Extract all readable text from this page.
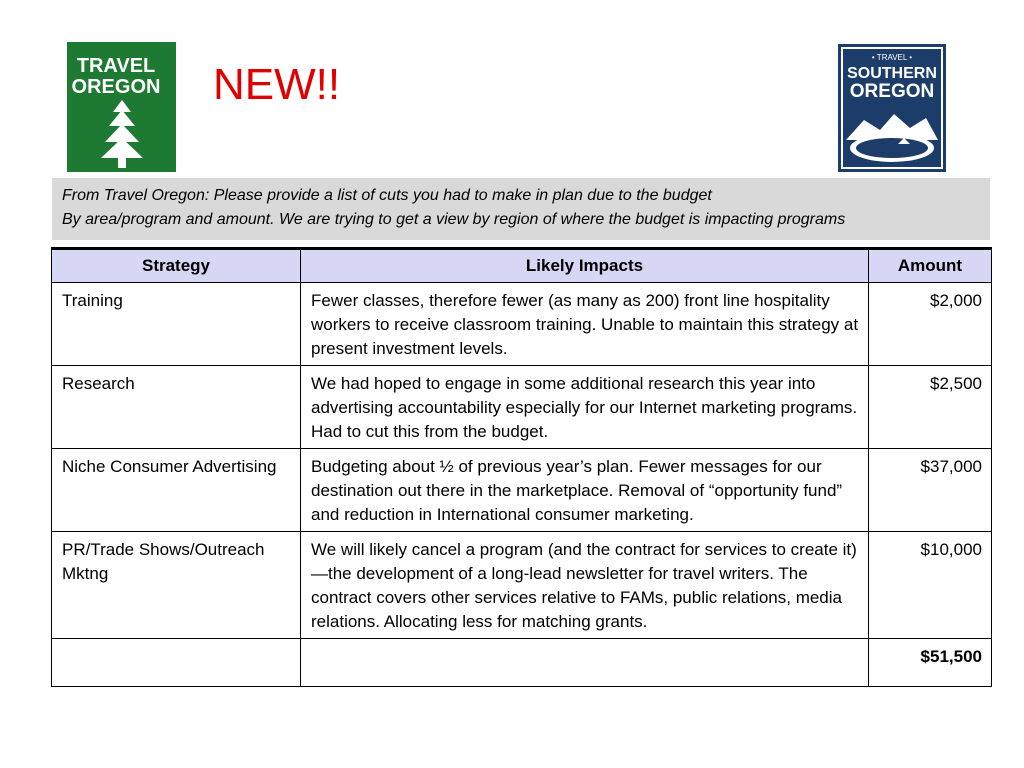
TRAVEL
OREGON NEW!!
• TRAVEL •
SOUTHERN
OREGON
From Travel Oregon: Please provide a list of cuts you had to make in plan due to the budget
By area/program and amount. We are trying to get a view by region of where the budget is impacting programs
Strategy	Likely Impacts	Amount
Training	Fewer classes, therefore fewer (as many as 200) front line hospitality workers to receive classroom training. Unable to maintain this strategy at present investment levels.	$2,000
Research	We had hoped to engage in some additional research this year into advertising accountability especially for our Internet marketing programs. Had to cut this from the budget.	$2,500
Niche Consumer Advertising	Budgeting about ½ of previous year’s plan. Fewer messages for our destination out there in the marketplace. Removal of “opportunity fund” and reduction in International consumer marketing.	$37,000
PR/Trade Shows/Outreach Mktng	We will likely cancel a program (and the contract for services to create it)—the development of a long-lead newsletter for travel writers. The contract covers other services relative to FAMs, public relations, media relations. Allocating less for matching grants.	$10,000
		$51,500
